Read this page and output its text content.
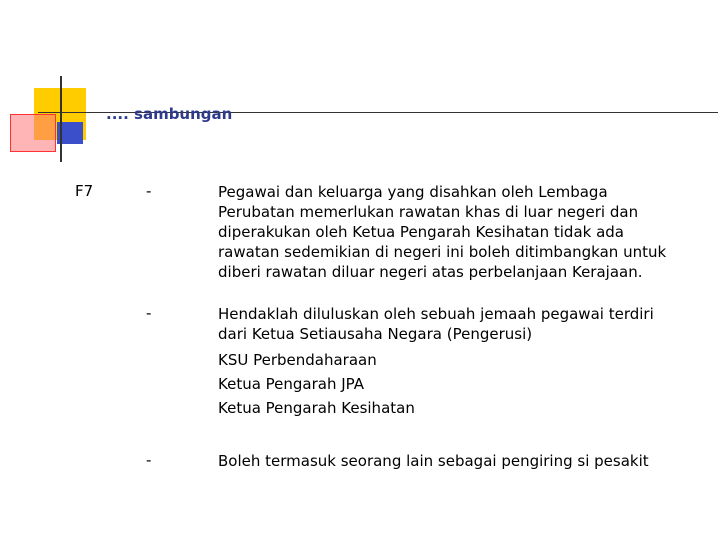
.... sambungan
F7	-	Pegawai dan keluarga yang disahkan oleh Lembaga
Perubatan memerlukan rawatan khas di luar negeri dan
diperakukan oleh Ketua Pengarah Kesihatan tidak ada
rawatan sedemikian di negeri ini boleh ditimbangkan untuk
diberi rawatan diluar negeri atas perbelanjaan Kerajaan.
-	Hendaklah diluluskan oleh sebuah jemaah pegawai terdiri
dari Ketua Setiausaha Negara (Pengerusi)
KSU Perbendaharaan
Ketua Pengarah JPA
Ketua Pengarah Kesihatan
-	Boleh termasuk seorang lain sebagai pengiring si pesakit
